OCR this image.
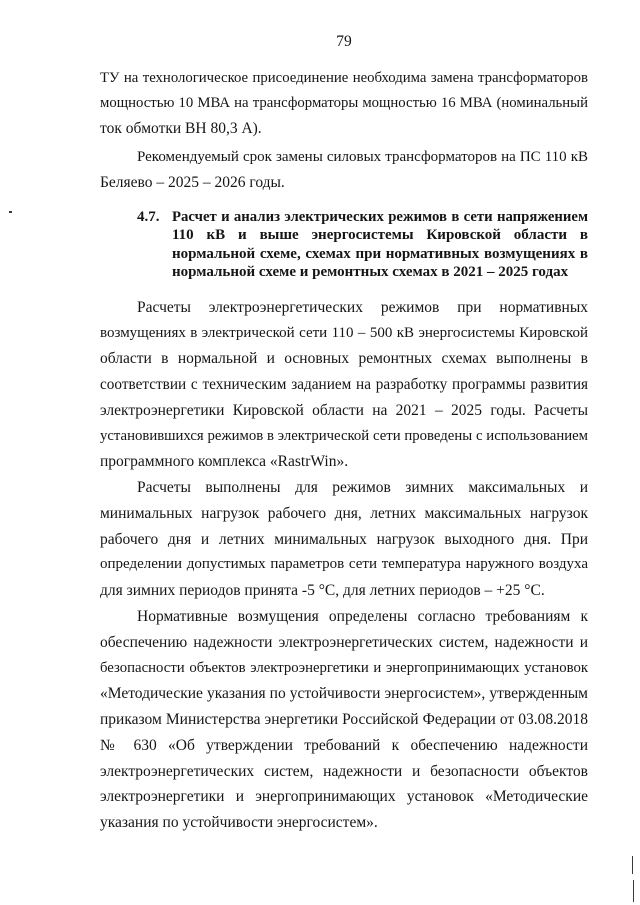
79
ТУ на технологическое присоединение необходима замена трансформаторов
мощностью 10 МВА на трансформаторы мощностью 16 МВА (номинальный
ток обмотки ВН 80,3 А).
Рекомендуемый срок замены силовых трансформаторов на ПС 110 кВ
Беляево – 2025 – 2026 годы.
4.7. Расчет и анализ электрических режимов в сети напряжением
110 кВ и выше энергосистемы Кировской области в
нормальной схеме, схемах при нормативных возмущениях в
нормальной схеме и ремонтных схемах в 2021 – 2025 годах
Расчеты электроэнергетических режимов при нормативных
возмущениях в электрической сети 110 – 500 кВ энергосистемы Кировской
области в нормальной и основных ремонтных схемах выполнены в
соответствии с техническим заданием на разработку программы развития
электроэнергетики Кировской области на 2021 – 2025 годы. Расчеты
установившихся режимов в электрической сети проведены с использованием
программного комплекса «RastrWin».
Расчеты выполнены для режимов зимних максимальных и
минимальных нагрузок рабочего дня, летних максимальных нагрузок
рабочего дня и летних минимальных нагрузок выходного дня. При
определении допустимых параметров сети температура наружного воздуха
для зимних периодов принята -5 °С, для летних периодов – +25 °С.
Нормативные возмущения определены согласно требованиям к
обеспечению надежности электроэнергетических систем, надежности и
безопасности объектов электроэнергетики и энергопринимающих установок
«Методические указания по устойчивости энергосистем», утвержденным
приказом Министерства энергетики Российской Федерации от 03.08.2018
№ 630 «Об утверждении требований к обеспечению надежности
электроэнергетических систем, надежности и безопасности объектов
электроэнергетики и энергопринимающих установок «Методические
указания по устойчивости энергосистем».
